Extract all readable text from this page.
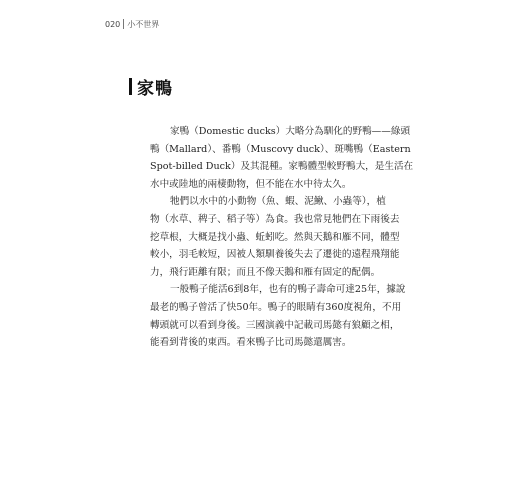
020 小不世界
家鴨

家鴨（Domestic ducks）大略分為馴化的野鴨——綠頭
鴨（Mallard）、番鴨（Muscovy duck）、斑嘴鴨（Eastern
Spot-billed Duck）及其混種。家鴨體型較野鴨大，是生活在
水中或陸地的兩棲動物，但不能在水中待太久。

牠們以水中的小動物（魚、蝦、泥鰍、小蟲等），植
物（水草、稗子、稻子等）為食。我也常見牠們在下雨後去
挖草根，大概是找小蟲、蚯蚓吃。然與天鵝和雁不同，體型
較小，羽毛較短，因被人類馴養後失去了遷徙的遠程飛翔能
力，飛行距離有限；而且不像天鵝和雁有固定的配偶。

一般鴨子能活6到8年，也有的鴨子壽命可達25年，據說
最老的鴨子曾活了快50年。鴨子的眼睛有360度視角，不用
轉頭就可以看到身後。三國演義中記載司馬懿有狼顧之相，
能看到背後的東西。看來鴨子比司馬懿還厲害。
